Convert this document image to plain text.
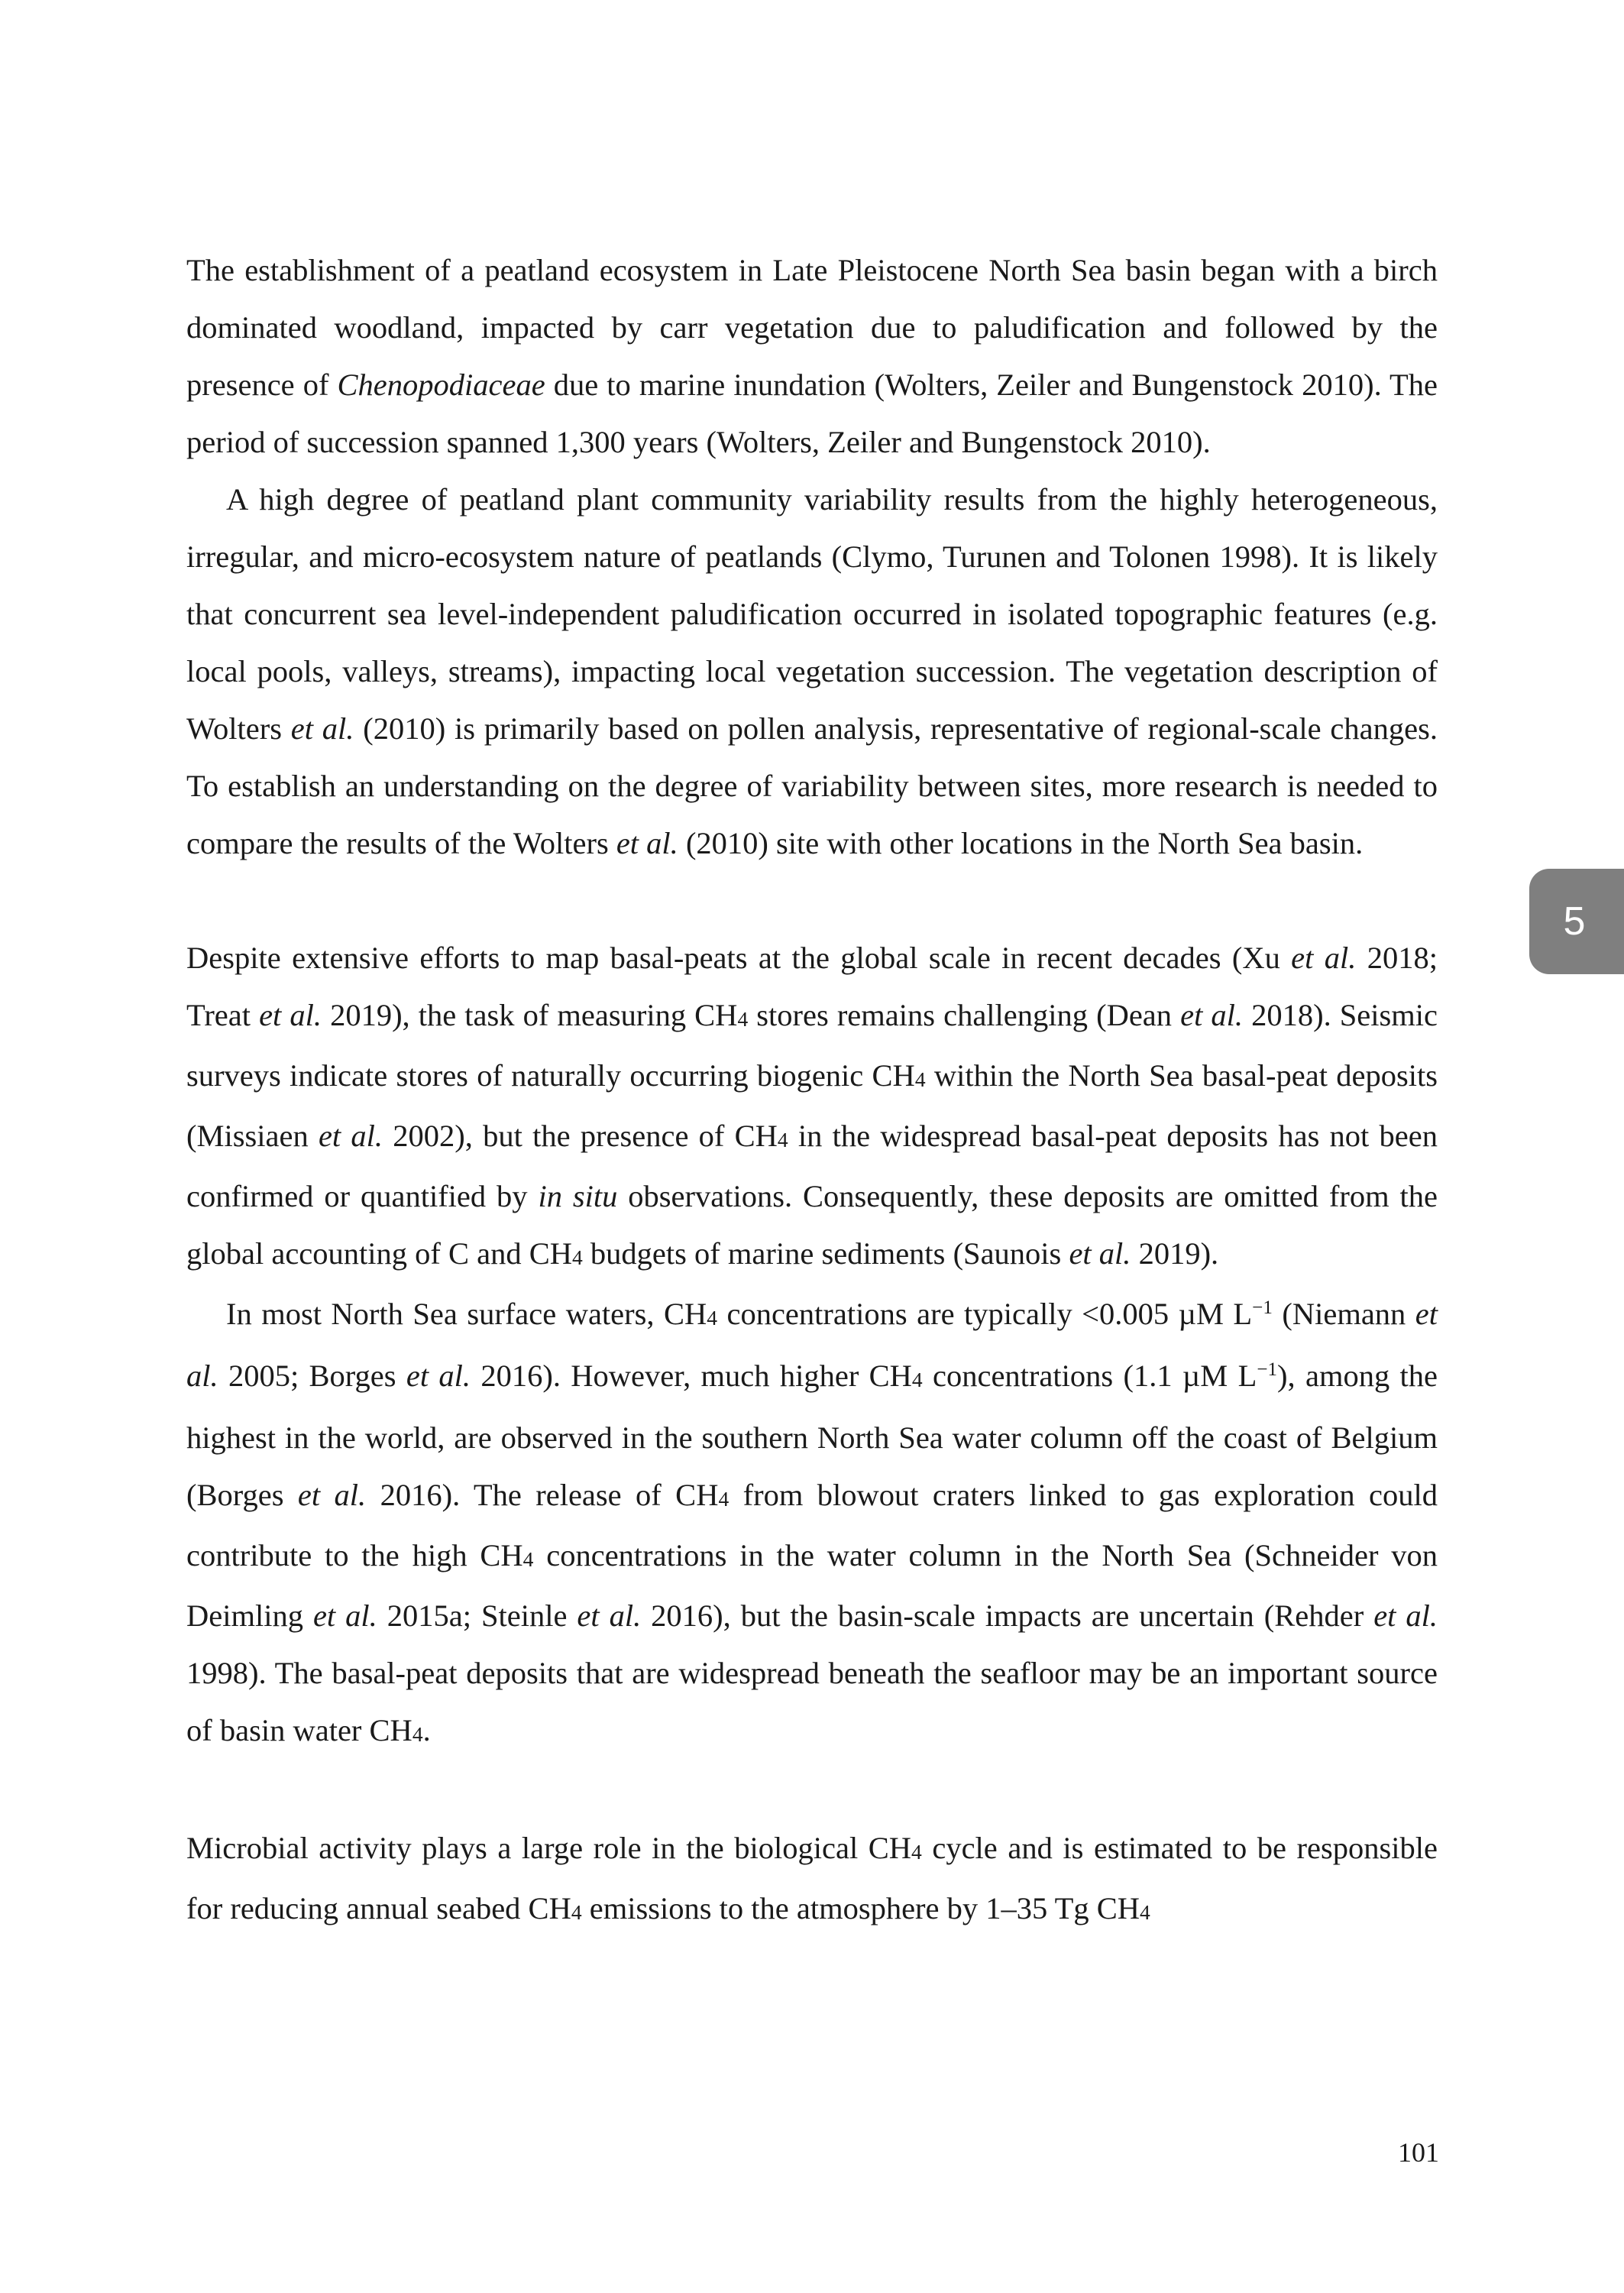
The establishment of a peatland ecosystem in Late Pleistocene North Sea basin began with a birch dominated woodland, impacted by carr vegetation due to paludification and followed by the presence of Chenopodiaceae due to marine inundation (Wolters, Zeiler and Bungenstock 2010). The period of succession spanned 1,300 years (Wolters, Zeiler and Bungenstock 2010).

A high degree of peatland plant community variability results from the highly heterogeneous, irregular, and micro-ecosystem nature of peatlands (Clymo, Turunen and Tolonen 1998). It is likely that concurrent sea level-independent paludification occurred in isolated topographic features (e.g. local pools, valleys, streams), impacting local vegetation succession. The vegetation description of Wolters et al. (2010) is primarily based on pollen analysis, representative of regional-scale changes. To establish an understanding on the degree of variability between sites, more research is needed to compare the results of the Wolters et al. (2010) site with other locations in the North Sea basin.

Despite extensive efforts to map basal-peats at the global scale in recent decades (Xu et al. 2018; Treat et al. 2019), the task of measuring $CH_4$ stores remains challenging (Dean et al. 2018). Seismic surveys indicate stores of naturally occurring biogenic $CH_4$ within the North Sea basal-peat deposits (Missiaen et al. 2002), but the presence of $CH_4$ in the widespread basal-peat deposits has not been confirmed or quantified by in situ observations. Consequently, these deposits are omitted from the global accounting of C and $CH_4$ budgets of marine sediments (Saunois et al. 2019).

In most North Sea surface waters, $CH_4$ concentrations are typically <0.005 µM $L^{-1}$ (Niemann et al. 2005; Borges et al. 2016). However, much higher $CH_4$ concentrations (1.1 µM $L^{-1}$), among the highest in the world, are observed in the southern North Sea water column off the coast of Belgium (Borges et al. 2016). The release of $CH_4$ from blowout craters linked to gas exploration could contribute to the high $CH_4$ concentrations in the water column in the North Sea (Schneider von Deimling et al. 2015a; Steinle et al. 2016), but the basin-scale impacts are uncertain (Rehder et al. 1998). The basal-peat deposits that are widespread beneath the seafloor may be an important source of basin water $CH_4$.

Microbial activity plays a large role in the biological $CH_4$ cycle and is estimated to be responsible for reducing annual seabed $CH_4$ emissions to the atmosphere by 1–35 Tg $CH_4$

5
101
